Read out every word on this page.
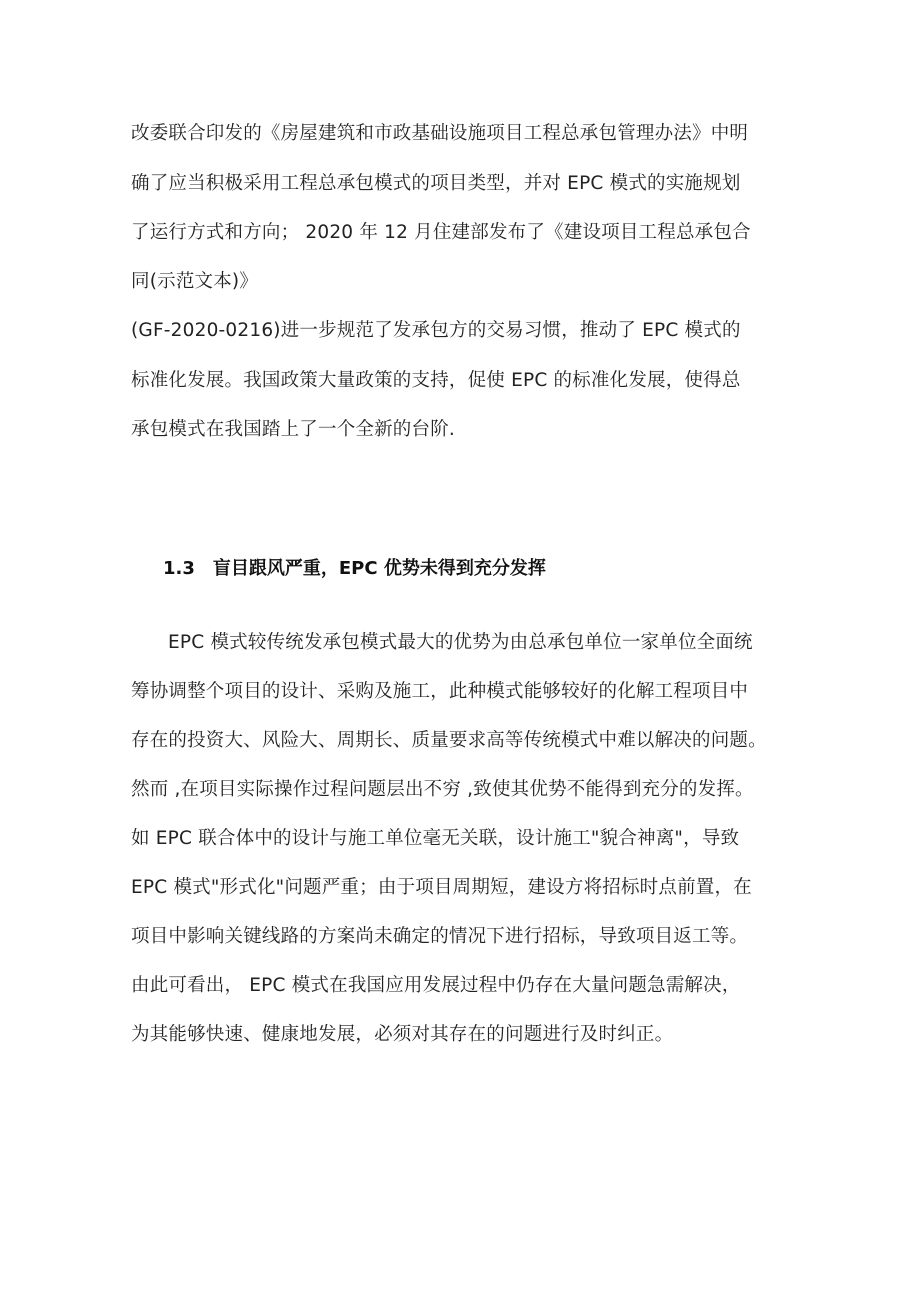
改委联合印发的《房屋建筑和市政基础设施项目工程总承包管理办法》中明
确了应当积极采用工程总承包模式的项目类型，并对 EPC 模式的实施规划
了运行方式和方向； 2020 年 12 月住建部发布了《建设项目工程总承包合
同(示范文本)》
(GF-2020-0216)进一步规范了发承包方的交易习惯，推动了 EPC 模式的
标准化发展。我国政策大量政策的支持，促使 EPC 的标准化发展，使得总
承包模式在我国踏上了一个全新的台阶.
1.3 盲目跟风严重，EPC 优势未得到充分发挥
EPC 模式较传统发承包模式最大的优势为由总承包单位一家单位全面统
筹协调整个项目的设计、采购及施工，此种模式能够较好的化解工程项目中
存在的投资大、风险大、周期长、质量要求高等传统模式中难以解决的问题。
然而 ,在项目实际操作过程问题层出不穷 ,致使其优势不能得到充分的发挥。
如 EPC 联合体中的设计与施工单位毫无关联，设计施工"貌合神离"，导致
EPC 模式"形式化"问题严重；由于项目周期短，建设方将招标时点前置，在
项目中影响关键线路的方案尚未确定的情况下进行招标，导致项目返工等。
由此可看出， EPC 模式在我国应用发展过程中仍存在大量问题急需解决，
为其能够快速、健康地发展，必须对其存在的问题进行及时纠正。
